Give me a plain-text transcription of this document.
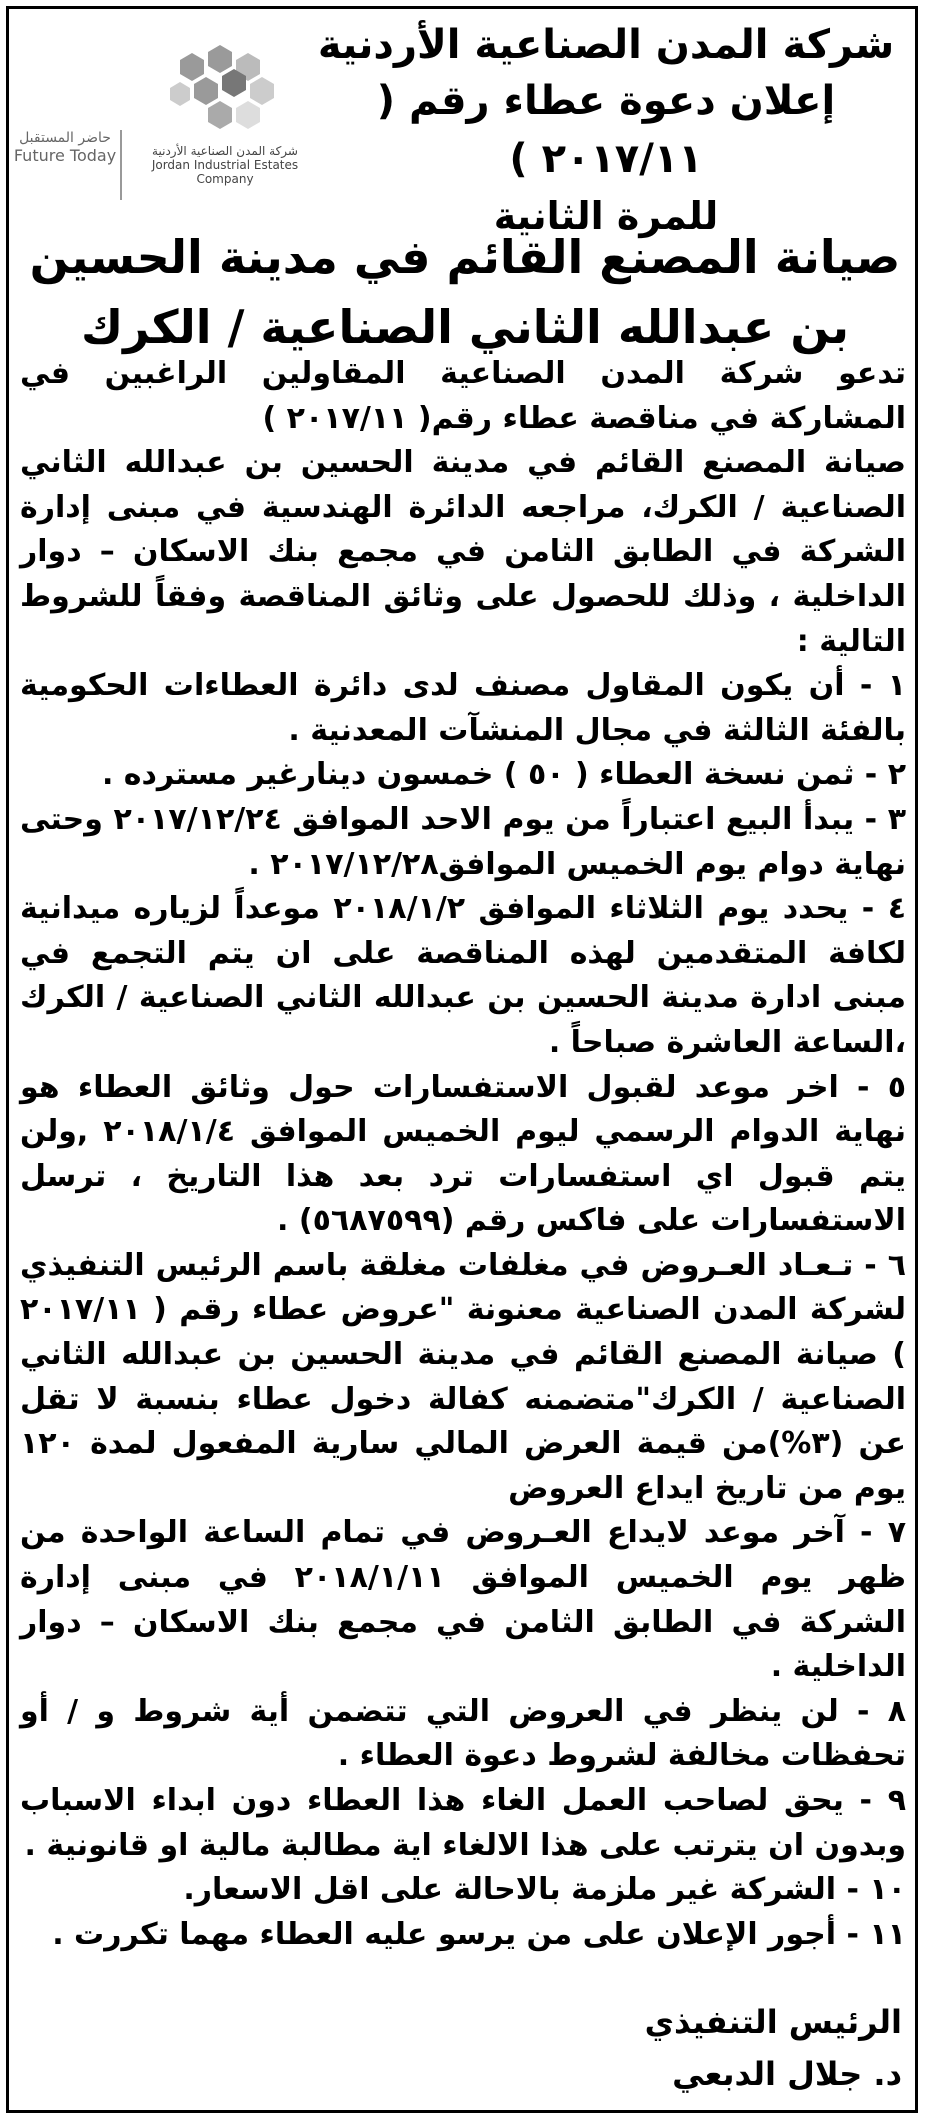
شركة المدن الصناعية الأردنية
Jordan Industrial Estates Company
حاضر المستقبل
Future Today
شركة المدن الصناعية الأردنية
إعلان دعوة عطاء رقم ( ٢٠١٧/١١ )
للمرة الثانية
صيانة المصنع القائم في مدينة الحسين بن عبدالله الثاني الصناعية / الكرك

تدعو شركة المدن الصناعية المقاولين الراغبين في المشاركة في مناقصة عطاء رقم( ٢٠١٧/١١ )

صيانة المصنع القائم في مدينة الحسين بن عبدالله الثاني الصناعية / الكرك، مراجعه الدائرة الهندسية في مبنى إدارة الشركة في الطابق الثامن في مجمع بنك الاسكان – دوار الداخلية ، وذلك للحصول على وثائق المناقصة وفقاً للشروط التالية :

١ - أن يكون المقاول مصنف لدى دائرة العطاءات الحكومية بالفئة الثالثة في مجال المنشآت المعدنية .

٢ - ثمن نسخة العطاء ( ٥٠ ) خمسون دينارغير مسترده .

٣ - يبدأ البيع اعتباراً من يوم الاحد الموافق ٢٠١٧/١٢/٢٤ وحتى نهاية دوام يوم الخميس الموافق٢٠١٧/١٢/٢٨ .

٤ - يحدد يوم الثلاثاء الموافق ٢٠١٨/١/٢ موعداً لزياره ميدانية لكافة المتقدمين لهذه المناقصة على ان يتم التجمع في مبنى ادارة مدينة الحسين بن عبدالله الثاني الصناعية / الكرك ،الساعة العاشرة صباحاً .

٥ - اخر موعد لقبول الاستفسارات حول وثائق العطاء هو نهاية الدوام الرسمي ليوم الخميس الموافق ٢٠١٨/١/٤ ,ولن يتم قبول اي استفسارات ترد بعد هذا التاريخ ، ترسل الاستفسارات على فاكس رقم (٥٦٨٧٥٩٩) .

٦ - تـعـاد العـروض في مغلفات مغلقة باسم الرئيس التنفيذي لشركة المدن الصناعية معنونة "عروض عطاء رقم ( ٢٠١٧/١١ ) صيانة المصنع القائم في مدينة الحسين بن عبدالله الثاني الصناعية / الكرك"متضمنه كفالة دخول عطاء بنسبة لا تقل عن (٣%)من قيمة العرض المالي سارية المفعول لمدة ١٢٠ يوم من تاريخ ايداع العروض

٧ - آخر موعد لايداع العـروض في تمام الساعة الواحدة من ظهر يوم الخميس الموافق ٢٠١٨/١/١١ في مبنى إدارة الشركة في الطابق الثامن في مجمع بنك الاسكان – دوار الداخلية .

٨ - لن ينظر في العروض التي تتضمن أية شروط و / أو تحفظات مخالفة لشروط دعوة العطاء .

٩ - يحق لصاحب العمل الغاء هذا العطاء دون ابداء الاسباب وبدون ان يترتب على هذا الالغاء اية مطالبة مالية او قانونية .

١٠ - الشركة غير ملزمة بالاحالة على اقل الاسعار.

١١ - أجور الإعلان على من يرسو عليه العطاء مهما تكررت .

الرئيس التنفيذي
د. جلال الدبعي
